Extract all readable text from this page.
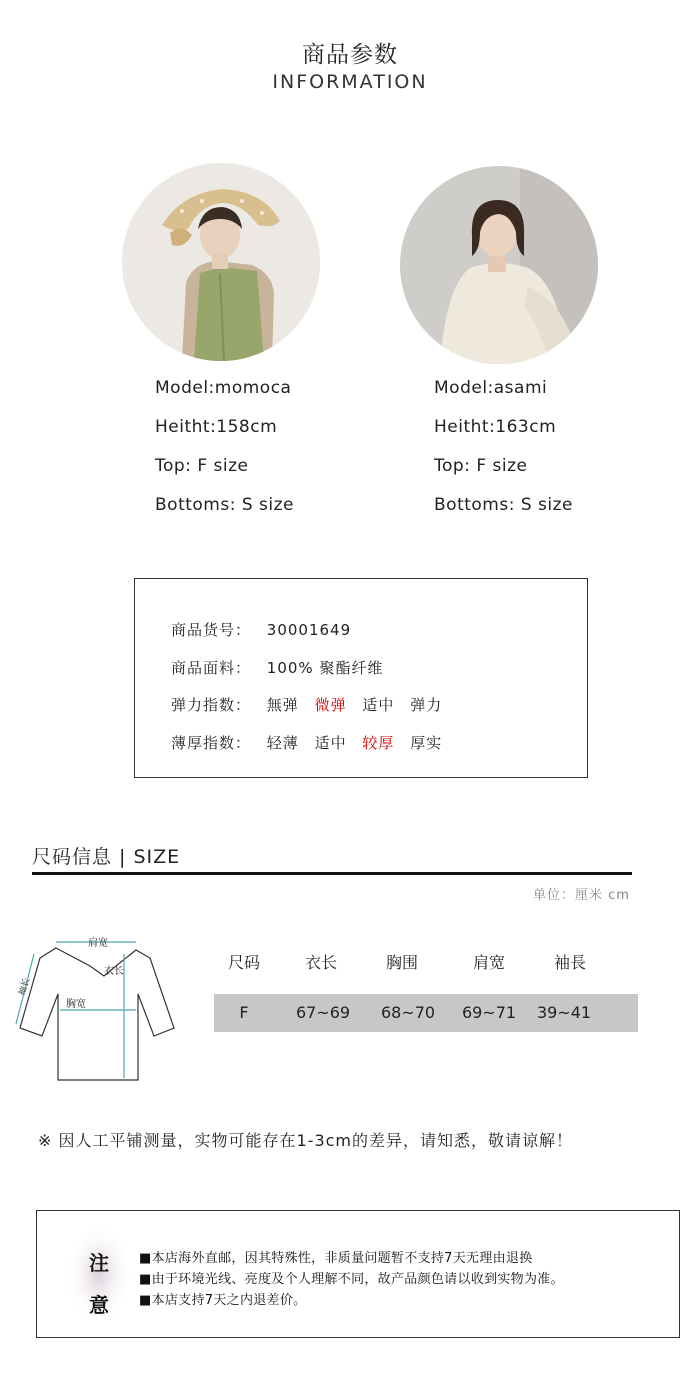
商品参数
INFORMATION
Model:momoca
Heitht:158cm
Top: F size
Bottoms: S size
Model:asami
Heitht:163cm
Top: F size
Bottoms: S size
商品货号： 30001649
商品面料： 100% 聚酯纤维
弹力指数： 無弹 微弹 适中 弹力
薄厚指数： 轻薄 适中 较厚 厚实
尺码信息 | SIZE
单位：厘米 cm
肩宽
衣长
胸宽
袖长
尺码	衣长	胸围	肩宽	袖長
F	67~69	68~70	69~71	39~41
※ 因人工平铺测量，实物可能存在1-3cm的差异，请知悉，敬请谅解！
注
意
■本店海外直邮，因其特殊性，非质量问题暂不支持7天无理由退换
■由于环境光线、亮度及个人理解不同，故产品颜色请以收到实物为准。
■本店支持7天之内退差价。
